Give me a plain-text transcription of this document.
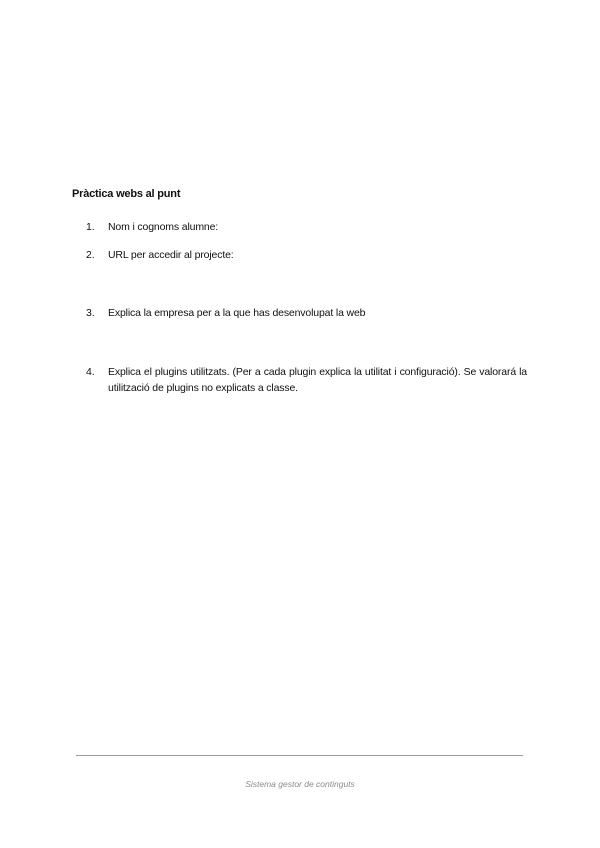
Pràctica webs al punt
1.	Nom i cognoms alumne:
2.	URL per accedir al projecte:
3.	Explica la empresa per a la que has desenvolupat la web
4.	Explica el plugins utilitzats. (Per a cada plugin explica la utilitat i configuració). Se valorará la utilització de plugins no explicats a classe.
Sistema gestor de continguts
